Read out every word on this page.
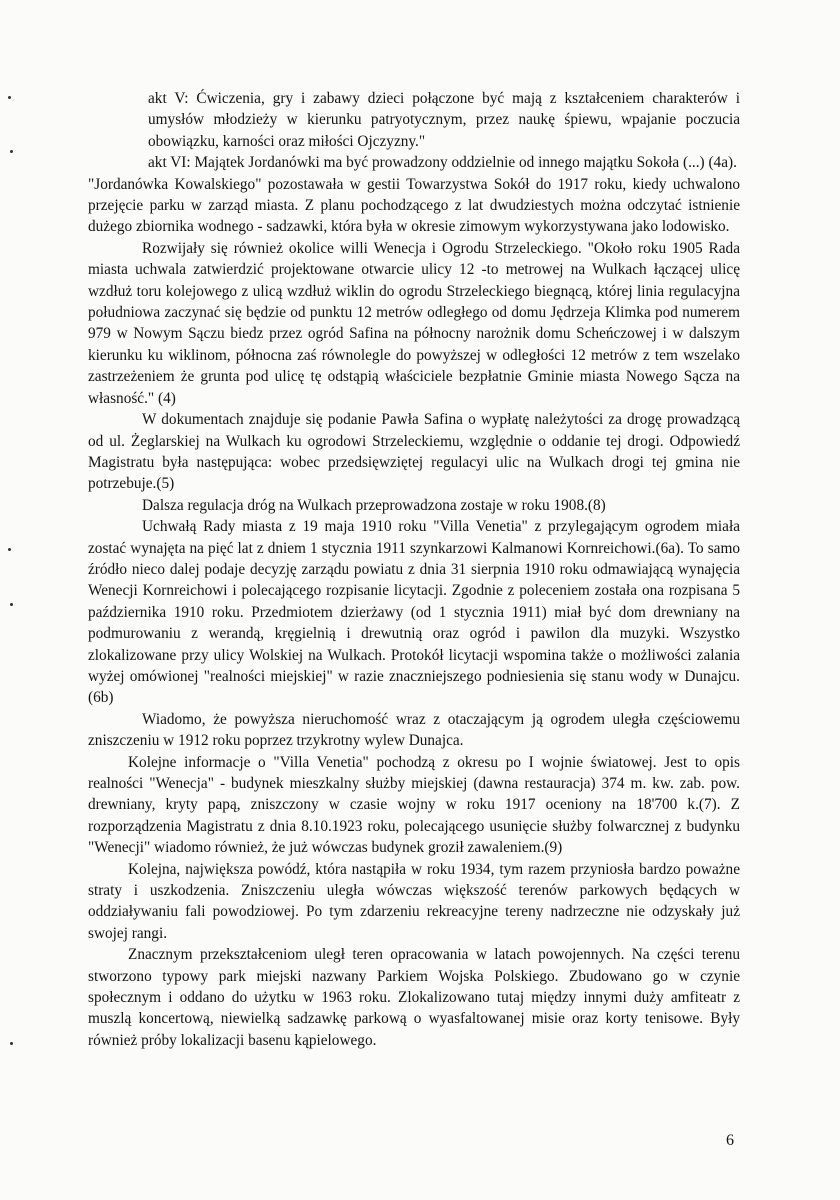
akt V: Ćwiczenia, gry i zabawy dzieci połączone być mają z kształceniem charakterów i umysłów młodzieży w kierunku patryotycznym, przez naukę śpiewu, wpajanie poczucia obowiązku, karności oraz miłości Ojczyzny."

akt VI: Majątek Jordanówki ma być prowadzony oddzielnie od innego majątku Sokoła (...) (4a).

"Jordanówka Kowalskiego" pozostawała w gestii Towarzystwa Sokół do 1917 roku, kiedy uchwalono przejęcie parku w zarząd miasta. Z planu pochodzącego z lat dwudziestych można odczytać istnienie dużego zbiornika wodnego - sadzawki, która była w okresie zimowym wykorzystywana jako lodowisko.

Rozwijały się również okolice willi Wenecja i Ogrodu Strzeleckiego. "Około roku 1905 Rada miasta uchwala zatwierdzić projektowane otwarcie ulicy 12 -to metrowej na Wulkach łączącej ulicę wzdłuż toru kolejowego z ulicą wzdłuż wiklin do ogrodu Strzeleckiego biegnącą, której linia regulacyjna południowa zaczynać się będzie od punktu 12 metrów odległego od domu Jędrzeja Klimka pod numerem 979 w Nowym Sączu biedz przez ogród Safina na północny narożnik domu Scheńczowej i w dalszym kierunku ku wiklinom, północna zaś równolegle do powyższej w odległości 12 metrów z tem wszelako zastrzeżeniem że grunta pod ulicę tę odstąpią właściciele bezpłatnie Gminie miasta Nowego Sącza na własność." (4)

W dokumentach znajduje się podanie Pawła Safina o wypłatę należytości za drogę prowadzącą od ul. Żeglarskiej na Wulkach ku ogrodowi Strzeleckiemu, względnie o oddanie tej drogi. Odpowiedź Magistratu była następująca: wobec przedsięwziętej regulacyi ulic na Wulkach drogi tej gmina nie potrzebuje.(5)

Dalsza regulacja dróg na Wulkach przeprowadzona zostaje w roku 1908.(8)

Uchwałą Rady miasta z 19 maja 1910 roku "Villa Venetia" z przylegającym ogrodem miała zostać wynajęta na pięć lat z dniem 1 stycznia 1911 szynkarzowi Kalmanowi Kornreichowi.(6a). To samo źródło nieco dalej podaje decyzję zarządu powiatu z dnia 31 sierpnia 1910 roku odmawiającą wynajęcia Wenecji Kornreichowi i polecającego rozpisanie licytacji. Zgodnie z poleceniem została ona rozpisana 5 października 1910 roku. Przedmiotem dzierżawy (od 1 stycznia 1911) miał być dom drewniany na podmurowaniu z werandą, kręgielnią i drewutnią oraz ogród i pawilon dla muzyki. Wszystko zlokalizowane przy ulicy Wolskiej na Wulkach. Protokół licytacji wspomina także o możliwości zalania wyżej omówionej "realności miejskiej" w razie znaczniejszego podniesienia się stanu wody w Dunajcu. (6b)

Wiadomo, że powyższa nieruchomość wraz z otaczającym ją ogrodem uległa częściowemu zniszczeniu w 1912 roku poprzez trzykrotny wylew Dunajca.

Kolejne informacje o "Villa Venetia" pochodzą z okresu po I wojnie światowej. Jest to opis realności "Wenecja" - budynek mieszkalny służby miejskiej (dawna restauracja) 374 m. kw. zab. pow. drewniany, kryty papą, zniszczony w czasie wojny w roku 1917 oceniony na 18'700 k.(7). Z rozporządzenia Magistratu z dnia 8.10.1923 roku, polecającego usunięcie służby folwarcznej z budynku "Wenecji" wiadomo również, że już wówczas budynek groził zawaleniem.(9)

Kolejna, największa powódź, która nastąpiła w roku 1934, tym razem przyniosła bardzo poważne straty i uszkodzenia. Zniszczeniu uległa wówczas większość terenów parkowych będących w oddziaływaniu fali powodziowej. Po tym zdarzeniu rekreacyjne tereny nadrzeczne nie odzyskały już swojej rangi.

Znacznym przekształceniom uległ teren opracowania w latach powojennych. Na części terenu stworzono typowy park miejski nazwany Parkiem Wojska Polskiego. Zbudowano go w czynie społecznym i oddano do użytku w 1963 roku. Zlokalizowano tutaj między innymi duży amfiteatr z muszlą koncertową, niewielką sadzawkę parkową o wyasfaltowanej misie oraz korty tenisowe. Były również próby lokalizacji basenu kąpielowego.

6
